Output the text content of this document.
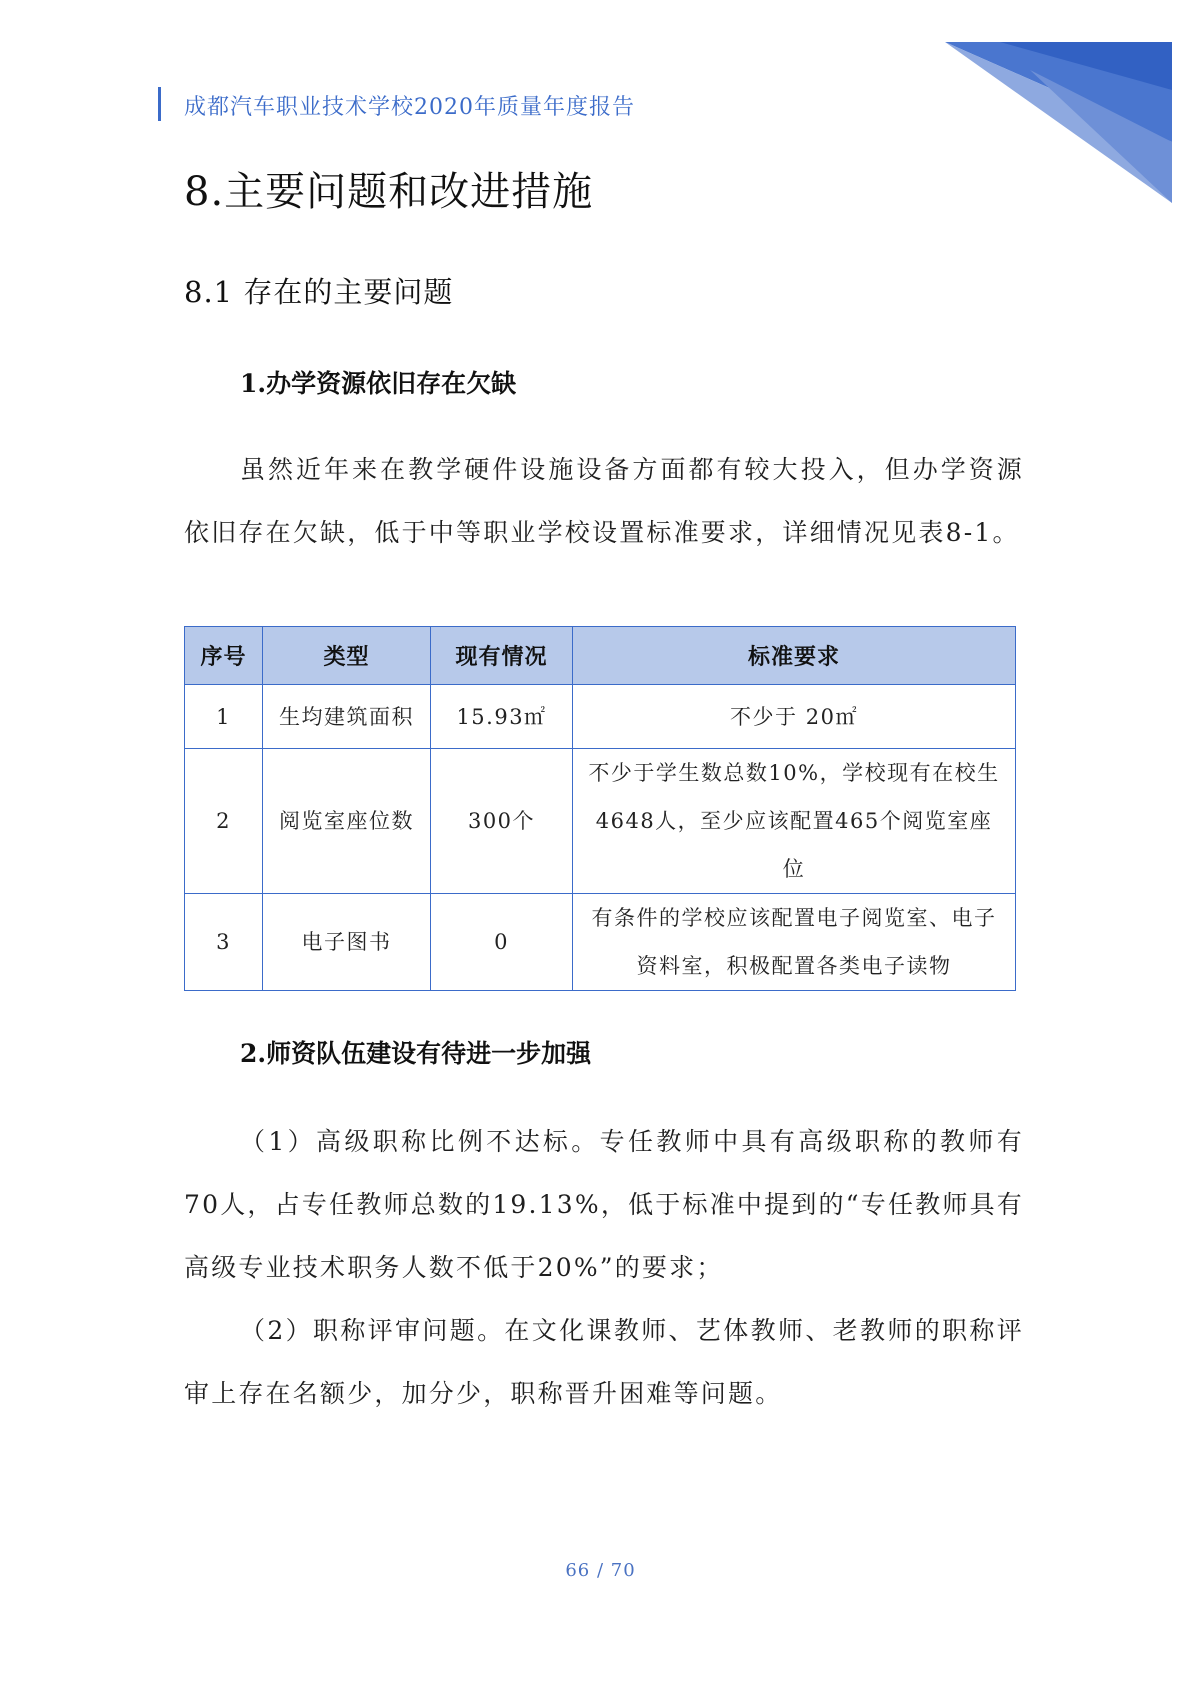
成都汽车职业技术学校2020年质量年度报告
8.主要问题和改进措施
8.1 存在的主要问题
1.办学资源依旧存在欠缺

虽然近年来在教学硬件设施设备方面都有较大投入，但办学资源依旧存在欠缺，低于中等职业学校设置标准要求，详细情况见表8-1。

序号	类型	现有情况	标准要求
1	生均建筑面积	15.93㎡	不少于 20㎡
2	阅览室座位数	300个	不少于学生数总数10%，学校现有在校生4648人，至少应该配置465个阅览室座位
3	电子图书	0	有条件的学校应该配置电子阅览室、电子资料室，积极配置各类电子读物
2.师资队伍建设有待进一步加强

（1）高级职称比例不达标。专任教师中具有高级职称的教师有70人，占专任教师总数的19.13%，低于标准中提到的“专任教师具有高级专业技术职务人数不低于20%”的要求；

（2）职称评审问题。在文化课教师、艺体教师、老教师的职称评审上存在名额少，加分少，职称晋升困难等问题。

66 / 70
